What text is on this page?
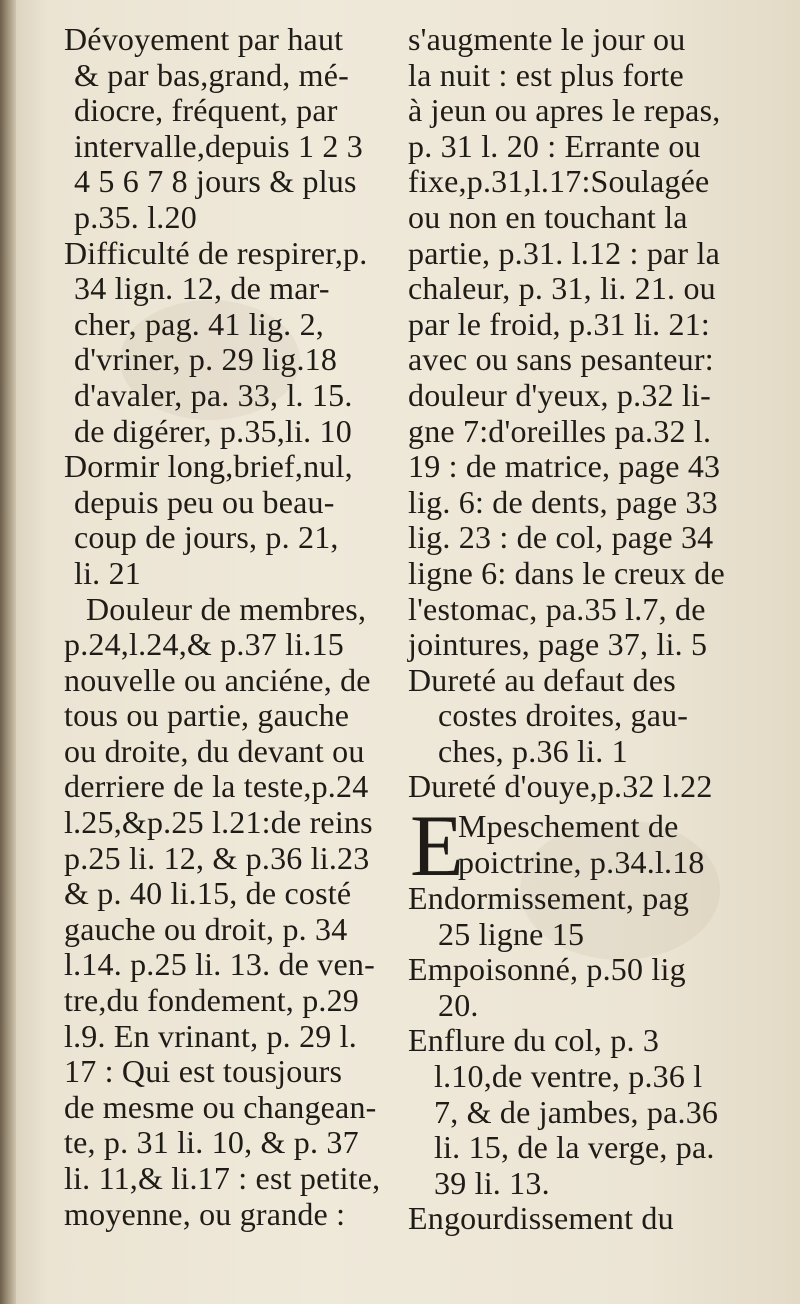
Dévoyement par haut

& par bas,grand, mé-

diocre, fréquent, par

intervalle,depuis 1 2 3

4 5 6 7 8 jours & plus

p.35. l.20

Difficulté de respirer,p.

34 lign. 12, de mar-

cher, pag. 41 lig. 2,

d'vriner, p. 29 lig.18

d'avaler, pa. 33, l. 15.

de digérer, p.35,li. 10

Dormir long,brief,nul,

depuis peu ou beau-

coup de jours, p. 21,

li. 21

Douleur de membres,

p.24,l.24,& p.37 li.15

nouvelle ou anciéne, de

tous ou partie, gauche

ou droite, du devant ou

derriere de la teste,p.24

l.25,&p.25 l.21:de reins

p.25 li. 12, & p.36 li.23

& p. 40 li.15, de costé

gauche ou droit, p. 34

l.14. p.25 li. 13. de ven-

tre,du fondement, p.29

l.9. En vrinant, p. 29 l.

17 : Qui est tousjours

de mesme ou changean-

te, p. 31 li. 10, & p. 37

li. 11,& li.17 : est petite,

moyenne, ou grande :

s'augmente le jour ou

la nuit : est plus forte

à jeun ou apres le repas,

p. 31 l. 20 : Errante ou

fixe,p.31,l.17:Soulagée

ou non en touchant la

partie, p.31. l.12 : par la

chaleur, p. 31, li. 21. ou

par le froid, p.31 li. 21:

avec ou sans pesanteur:

douleur d'yeux, p.32 li-

gne 7:d'oreilles pa.32 l.

19 : de matrice, page 43

lig. 6: de dents, page 33

lig. 23 : de col, page 34

ligne 6: dans le creux de

l'estomac, pa.35 l.7, de

jointures, page 37, li. 5

Dureté au defaut des

costes droites, gau-

ches, p.36 li. 1

Dureté d'ouye,p.32 l.22

E
Mpeschement de
poictrine, p.34.l.18

Endormissement, pag

25 ligne 15

Empoisonné, p.50 lig

20.

Enflure du col, p. 3

l.10,de ventre, p.36 l

7, & de jambes, pa.36

li. 15, de la verge, pa.

39 li. 13.

Engourdissement du
